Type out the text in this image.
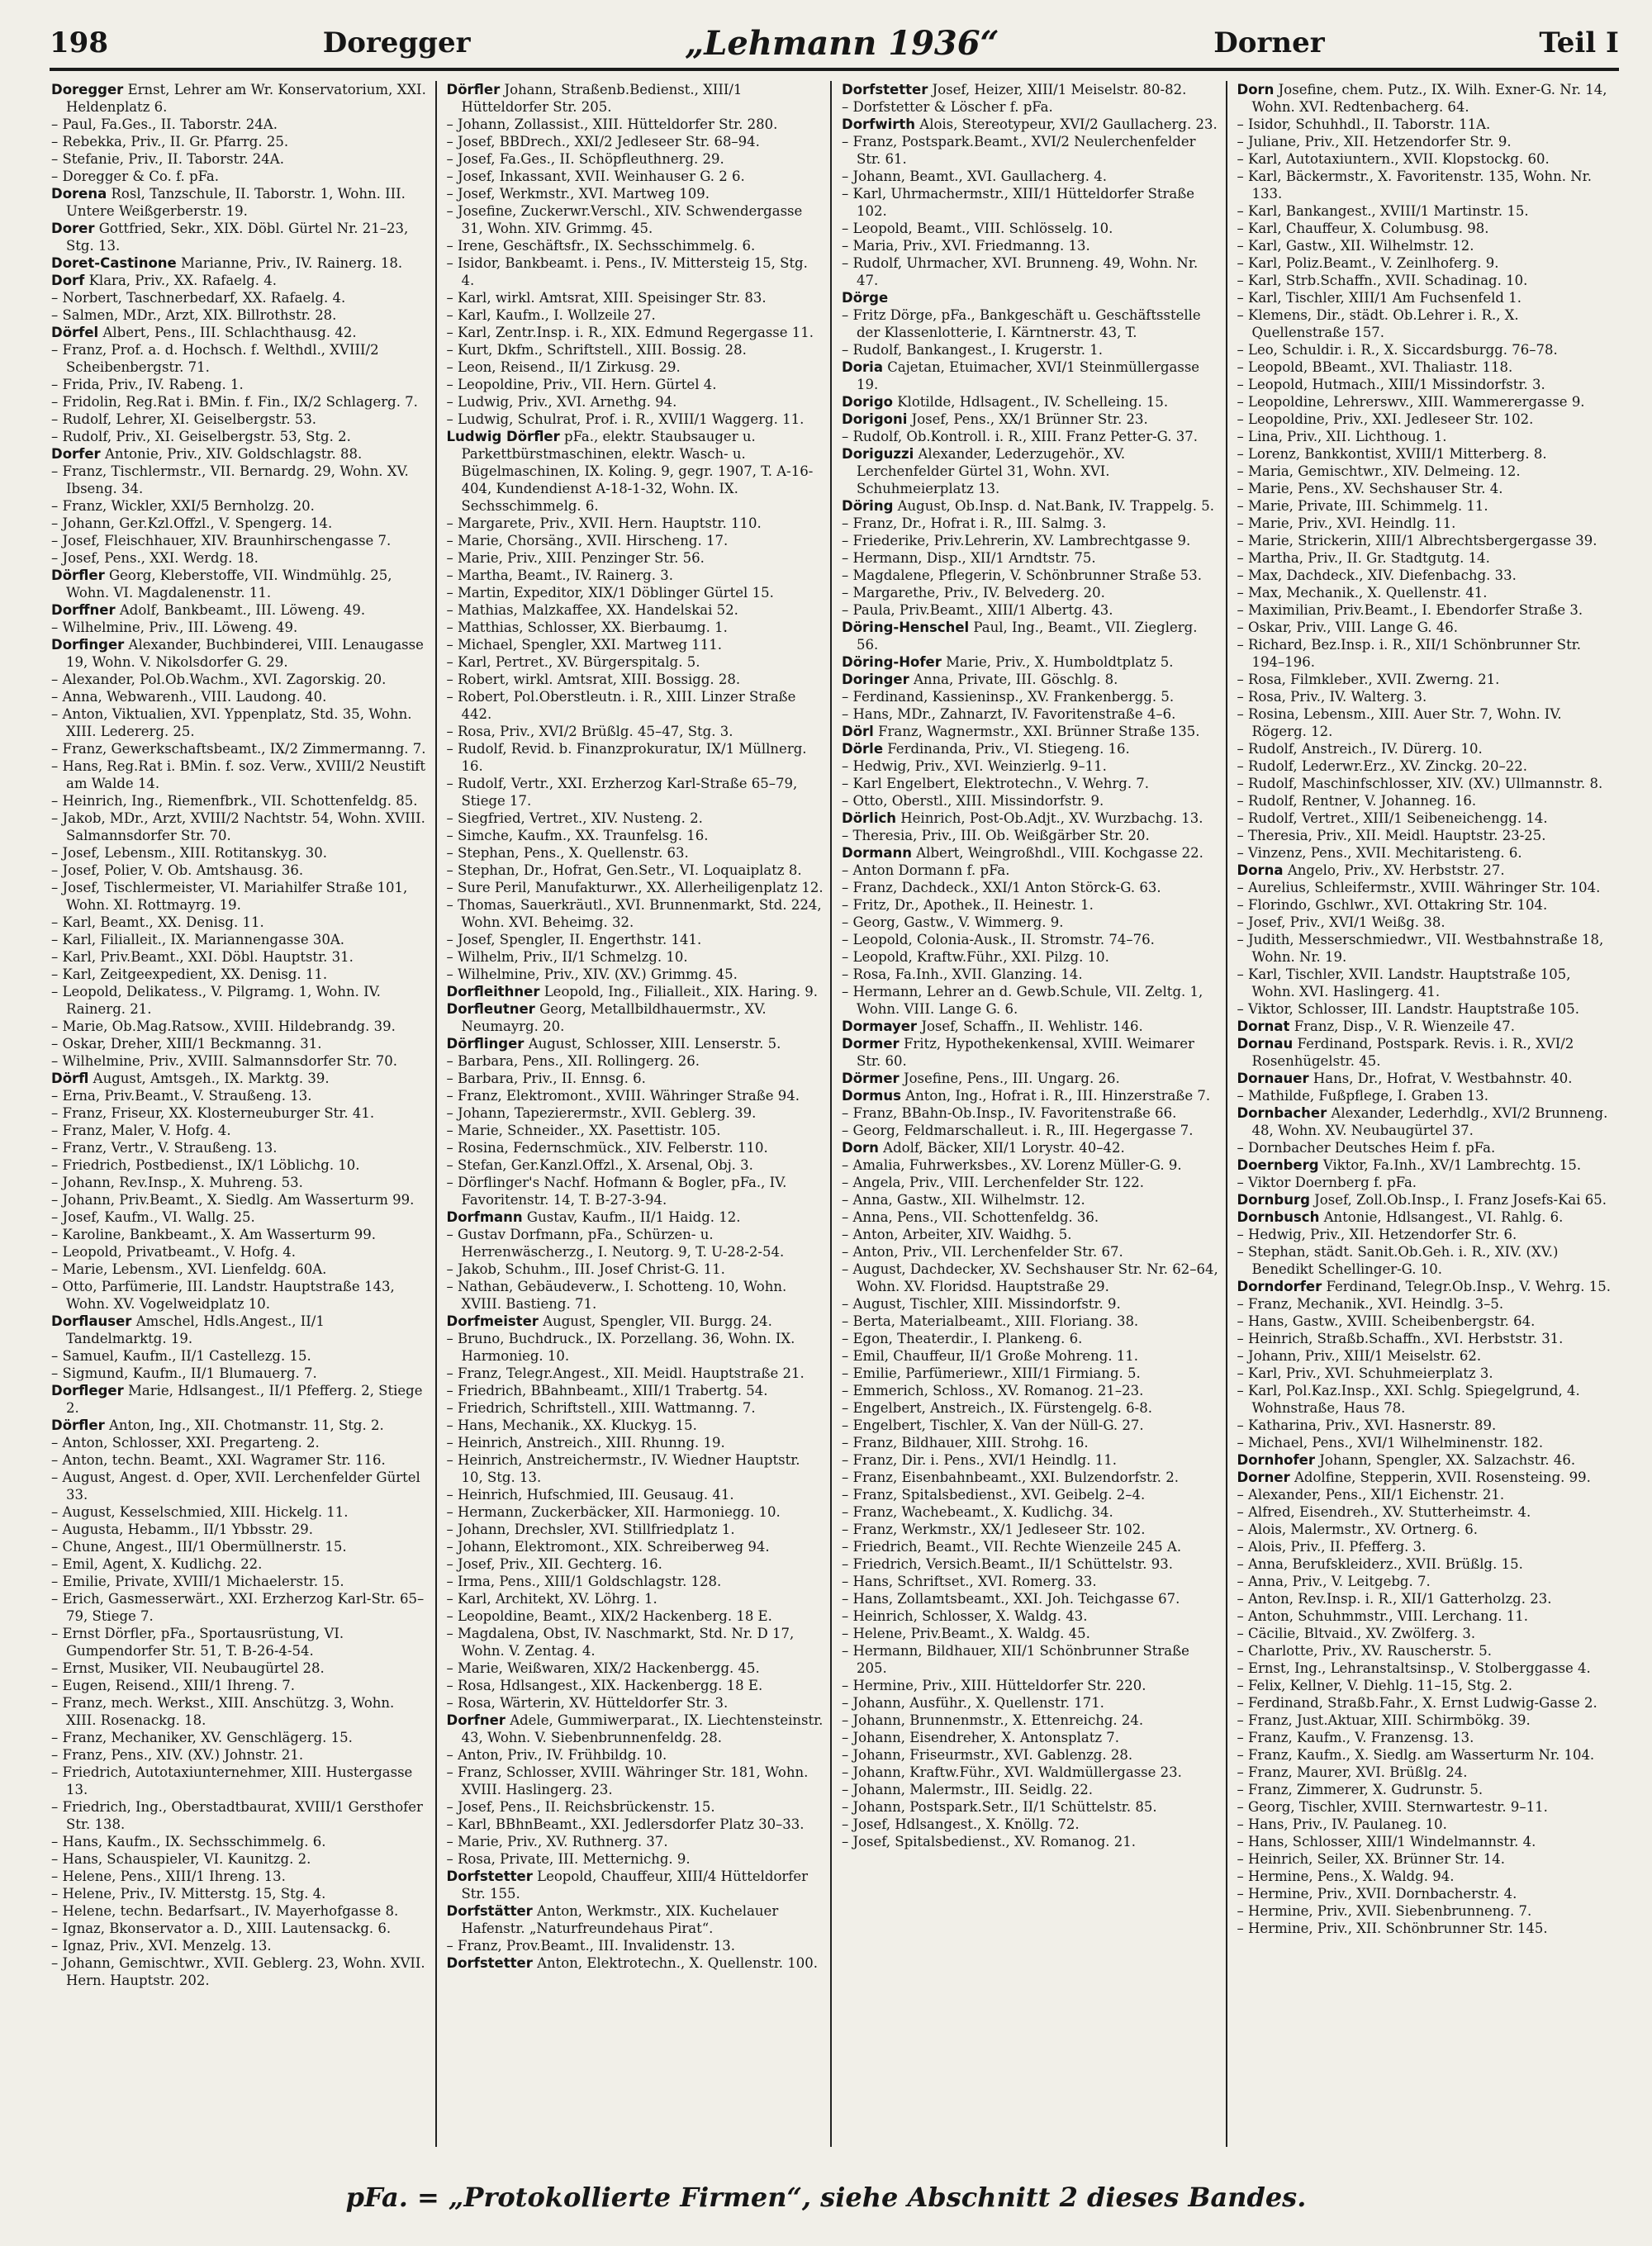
198	Doregger	„Lehmann 1936“	Dorner	Teil I
Doregger Ernst, Lehrer am Wr. Konservatorium, XXI. Heldenplatz 6.
– Paul, Fa.Ges., II. Taborstr. 24A.
– Rebekka, Priv., II. Gr. Pfarrg. 25.
– Stefanie, Priv., II. Taborstr. 24A.
– Doregger & Co. f. pFa.
Dorena Rosl, Tanzschule, II. Taborstr. 1, Wohn. III. Untere Weißgerberstr. 19.
Dorer Gottfried, Sekr., XIX. Döbl. Gürtel Nr. 21–23, Stg. 13.
Doret-Castinone Marianne, Priv., IV. Rainerg. 18.
Dorf Klara, Priv., XX. Rafaelg. 4.
– Norbert, Taschnerbedarf, XX. Rafaelg. 4.
– Salmen, MDr., Arzt, XIX. Billrothstr. 28.
Dörfel Albert, Pens., III. Schlachthausg. 42.
– Franz, Prof. a. d. Hochsch. f. Welthdl., XVIII/2 Scheibenbergstr. 71.
– Frida, Priv., IV. Rabeng. 1.
– Fridolin, Reg.Rat i. BMin. f. Fin., IX/2 Schlagerg. 7.
– Rudolf, Lehrer, XI. Geiselbergstr. 53.
– Rudolf, Priv., XI. Geiselbergstr. 53, Stg. 2.
Dorfer Antonie, Priv., XIV. Goldschlagstr. 88.
– Franz, Tischlermstr., VII. Bernardg. 29, Wohn. XV. Ibseng. 34.
– Franz, Wickler, XXI/5 Bernholzg. 20.
– Johann, Ger.Kzl.Offzl., V. Spengerg. 14.
– Josef, Fleischhauer, XIV. Braunhirschengasse 7.
– Josef, Pens., XXI. Werdg. 18.
Dörfler Georg, Kleberstoffe, VII. Windmühlg. 25, Wohn. VI. Magdalenenstr. 11.
Dorffner Adolf, Bankbeamt., III. Löweng. 49.
– Wilhelmine, Priv., III. Löweng. 49.
Dorfinger Alexander, Buchbinderei, VIII. Lenaugasse 19, Wohn. V. Nikolsdorfer G. 29.
– Alexander, Pol.Ob.Wachm., XVI. Zagorskig. 20.
– Anna, Webwarenh., VIII. Laudong. 40.
– Anton, Viktualien, XVI. Yppenplatz, Std. 35, Wohn. XIII. Ledererg. 25.
– Franz, Gewerkschaftsbeamt., IX/2 Zimmermanng. 7.
– Hans, Reg.Rat i. BMin. f. soz. Verw., XVIII/2 Neustift am Walde 14.
– Heinrich, Ing., Riemenfbrk., VII. Schottenfeldg. 85.
– Jakob, MDr., Arzt, XVIII/2 Nachtstr. 54, Wohn. XVIII. Salmannsdorfer Str. 70.
– Josef, Lebensm., XIII. Rotitanskyg. 30.
– Josef, Polier, V. Ob. Amtshausg. 36.
– Josef, Tischlermeister, VI. Mariahilfer Straße 101, Wohn. XI. Rottmayrg. 19.
– Karl, Beamt., XX. Denisg. 11.
– Karl, Filialleit., IX. Mariannengasse 30A.
– Karl, Priv.Beamt., XXI. Döbl. Hauptstr. 31.
– Karl, Zeitgeexpedient, XX. Denisg. 11.
– Leopold, Delikatess., V. Pilgramg. 1, Wohn. IV. Rainerg. 21.
– Marie, Ob.Mag.Ratsow., XVIII. Hildebrandg. 39.
– Oskar, Dreher, XIII/1 Beckmanng. 31.
– Wilhelmine, Priv., XVIII. Salmannsdorfer Str. 70.
Dörfl August, Amtsgeh., IX. Marktg. 39.
– Erna, Priv.Beamt., V. Straußeng. 13.
– Franz, Friseur, XX. Klosterneuburger Str. 41.
– Franz, Maler, V. Hofg. 4.
– Franz, Vertr., V. Straußeng. 13.
– Friedrich, Postbedienst., IX/1 Löblichg. 10.
– Johann, Rev.Insp., X. Muhreng. 53.
– Johann, Priv.Beamt., X. Siedlg. Am Wasserturm 99.
– Josef, Kaufm., VI. Wallg. 25.
– Karoline, Bankbeamt., X. Am Wasserturm 99.
– Leopold, Privatbeamt., V. Hofg. 4.
– Marie, Lebensm., XVI. Lienfeldg. 60A.
– Otto, Parfümerie, III. Landstr. Hauptstraße 143, Wohn. XV. Vogelweidplatz 10.
Dorflauser Amschel, Hdls.Angest., II/1 Tandelmarktg. 19.
– Samuel, Kaufm., II/1 Castellezg. 15.
– Sigmund, Kaufm., II/1 Blumauerg. 7.
Dorfleger Marie, Hdlsangest., II/1 Pfefferg. 2, Stiege 2.
Dörfler Anton, Ing., XII. Chotmanstr. 11, Stg. 2.
– Anton, Schlosser, XXI. Pregarteng. 2.
– Anton, techn. Beamt., XXI. Wagramer Str. 116.
– August, Angest. d. Oper, XVII. Lerchenfelder Gürtel 33.
– August, Kesselschmied, XIII. Hickelg. 11.
– Augusta, Hebamm., II/1 Ybbsstr. 29.
– Chune, Angest., III/1 Obermüllnerstr. 15.
– Emil, Agent, X. Kudlichg. 22.
– Emilie, Private, XVIII/1 Michaelerstr. 15.
– Erich, Gasmesserwärt., XXI. Erzherzog Karl-Str. 65–79, Stiege 7.
– Ernst Dörfler, pFa., Sportausrüstung, VI. Gumpendorfer Str. 51, T. B-26-4-54.
– Ernst, Musiker, VII. Neubaugürtel 28.
– Eugen, Reisend., XIII/1 Ihreng. 7.
– Franz, mech. Werkst., XIII. Anschützg. 3, Wohn. XIII. Rosenackg. 18.
– Franz, Mechaniker, XV. Genschlägerg. 15.
– Franz, Pens., XIV. (XV.) Johnstr. 21.
– Friedrich, Autotaxiunternehmer, XIII. Hustergasse 13.
– Friedrich, Ing., Oberstadtbaurat, XVIII/1 Gersthofer Str. 138.
– Hans, Kaufm., IX. Sechsschimmelg. 6.
– Hans, Schauspieler, VI. Kaunitzg. 2.
– Helene, Pens., XIII/1 Ihreng. 13.
– Helene, Priv., IV. Mitterstg. 15, Stg. 4.
– Helene, techn. Bedarfsart., IV. Mayerhofgasse 8.
– Ignaz, Bkonservator a. D., XIII. Lautensackg. 6.
– Ignaz, Priv., XVI. Menzelg. 13.
– Johann, Gemischtwr., XVII. Geblerg. 23, Wohn. XVII. Hern. Hauptstr. 202.
Dörfler Johann, Straßenb.Bedienst., XIII/1 Hütteldorfer Str. 205.
– Johann, Zollassist., XIII. Hütteldorfer Str. 280.
– Josef, BBDrech., XXI/2 Jedleseer Str. 68–94.
– Josef, Fa.Ges., II. Schöpfleuthnerg. 29.
– Josef, Inkassant, XVII. Weinhauser G. 2 6.
– Josef, Werkmstr., XVI. Martweg 109.
– Josefine, Zuckerwr.Verschl., XIV. Schwendergasse 31, Wohn. XIV. Grimmg. 45.
– Irene, Geschäftsfr., IX. Sechsschimmelg. 6.
– Isidor, Bankbeamt. i. Pens., IV. Mittersteig 15, Stg. 4.
– Karl, wirkl. Amtsrat, XIII. Speisinger Str. 83.
– Karl, Kaufm., I. Wollzeile 27.
– Karl, Zentr.Insp. i. R., XIX. Edmund Regergasse 11.
– Kurt, Dkfm., Schriftstell., XIII. Bossig. 28.
– Leon, Reisend., II/1 Zirkusg. 29.
– Leopoldine, Priv., VII. Hern. Gürtel 4.
– Ludwig, Priv., XVI. Arnethg. 94.
– Ludwig, Schulrat, Prof. i. R., XVIII/1 Waggerg. 11.
Ludwig Dörfler pFa., elektr. Staubsauger u. Parkettbürstmaschinen, elektr. Wasch- u. Bügelmaschinen, IX. Koling. 9, gegr. 1907, T. A-16-404, Kundendienst A-18-1-32, Wohn. IX. Sechsschimmelg. 6.
– Margarete, Priv., XVII. Hern. Hauptstr. 110.
– Marie, Chorsäng., XVII. Hirscheng. 17.
– Marie, Priv., XIII. Penzinger Str. 56.
– Martha, Beamt., IV. Rainerg. 3.
– Martin, Expeditor, XIX/1 Döblinger Gürtel 15.
– Mathias, Malzkaffee, XX. Handelskai 52.
– Matthias, Schlosser, XX. Bierbaumg. 1.
– Michael, Spengler, XXI. Martweg 111.
– Karl, Pertret., XV. Bürgerspitalg. 5.
– Robert, wirkl. Amtsrat, XIII. Bossigg. 28.
– Robert, Pol.Oberstleutn. i. R., XIII. Linzer Straße 442.
– Rosa, Priv., XVI/2 Brüßlg. 45–47, Stg. 3.
– Rudolf, Revid. b. Finanzprokuratur, IX/1 Müllnerg. 16.
– Rudolf, Vertr., XXI. Erzherzog Karl-Straße 65–79, Stiege 17.
– Siegfried, Vertret., XIV. Nusteng. 2.
– Simche, Kaufm., XX. Traunfelsg. 16.
– Stephan, Pens., X. Quellenstr. 63.
– Stephan, Dr., Hofrat, Gen.Setr., VI. Loquaiplatz 8.
– Sure Peril, Manufakturwr., XX. Allerheiligenplatz 12.
– Thomas, Sauerkräutl., XVI. Brunnenmarkt, Std. 224, Wohn. XVI. Beheimg. 32.
– Josef, Spengler, II. Engerthstr. 141.
– Wilhelm, Priv., II/1 Schmelzg. 10.
– Wilhelmine, Priv., XIV. (XV.) Grimmg. 45.
Dorfleithner Leopold, Ing., Filialleit., XIX. Haring. 9.
Dorfleutner Georg, Metallbildhauermstr., XV. Neumayrg. 20.
Dörflinger August, Schlosser, XIII. Lenserstr. 5.
– Barbara, Pens., XII. Rollingerg. 26.
– Barbara, Priv., II. Ennsg. 6.
– Franz, Elektromont., XVIII. Währinger Straße 94.
– Johann, Tapezierermstr., XVII. Geblerg. 39.
– Marie, Schneider., XX. Pasettistr. 105.
– Rosina, Federnschmück., XIV. Felberstr. 110.
– Stefan, Ger.Kanzl.Offzl., X. Arsenal, Obj. 3.
– Dörflinger's Nachf. Hofmann & Bogler, pFa., IV. Favoritenstr. 14, T. B-27-3-94.
Dorfmann Gustav, Kaufm., II/1 Haidg. 12.
– Gustav Dorfmann, pFa., Schürzen- u. Herrenwäscherzg., I. Neutorg. 9, T. U-28-2-54.
– Jakob, Schuhm., III. Josef Christ-G. 11.
– Nathan, Gebäudeverw., I. Schotteng. 10, Wohn. XVIII. Bastieng. 71.
Dorfmeister August, Spengler, VII. Burgg. 24.
– Bruno, Buchdruck., IX. Porzellang. 36, Wohn. IX. Harmonieg. 10.
– Franz, Telegr.Angest., XII. Meidl. Hauptstraße 21.
– Friedrich, BBahnbeamt., XIII/1 Trabertg. 54.
– Friedrich, Schriftstell., XIII. Wattmanng. 7.
– Hans, Mechanik., XX. Kluckyg. 15.
– Heinrich, Anstreich., XIII. Rhunng. 19.
– Heinrich, Anstreichermstr., IV. Wiedner Hauptstr. 10, Stg. 13.
– Heinrich, Hufschmied, III. Geusaug. 41.
– Hermann, Zuckerbäcker, XII. Harmoniegg. 10.
– Johann, Drechsler, XVI. Stillfriedplatz 1.
– Johann, Elektromont., XIX. Schreiberweg 94.
– Josef, Priv., XII. Gechterg. 16.
– Irma, Pens., XIII/1 Goldschlagstr. 128.
– Karl, Architekt, XV. Löhrg. 1.
– Leopoldine, Beamt., XIX/2 Hackenberg. 18 E.
– Magdalena, Obst, IV. Naschmarkt, Std. Nr. D 17, Wohn. V. Zentag. 4.
– Marie, Weißwaren, XIX/2 Hackenbergg. 45.
– Rosa, Hdlsangest., XIX. Hackenbergg. 18 E.
– Rosa, Wärterin, XV. Hütteldorfer Str. 3.
Dorfner Adele, Gummiwerparat., IX. Liechtensteinstr. 43, Wohn. V. Siebenbrunnenfeldg. 28.
– Anton, Priv., IV. Frühbildg. 10.
– Franz, Schlosser, XVIII. Währinger Str. 181, Wohn. XVIII. Haslingerg. 23.
– Josef, Pens., II. Reichsbrückenstr. 15.
– Karl, BBhnBeamt., XXI. Jedlersdorfer Platz 30–33.
– Marie, Priv., XV. Ruthnerg. 37.
– Rosa, Private, III. Metternichg. 9.
Dorfstetter Leopold, Chauffeur, XIII/4 Hütteldorfer Str. 155.
Dorfstätter Anton, Werkmstr., XIX. Kuchelauer Hafenstr. „Naturfreundehaus Pirat“.
– Franz, Prov.Beamt., III. Invalidenstr. 13.
Dorfstetter Anton, Elektrotechn., X. Quellenstr. 100.
Dorfstetter Josef, Heizer, XIII/1 Meiselstr. 80-82.
– Dorfstetter & Löscher f. pFa.
Dorfwirth Alois, Stereotypeur, XVI/2 Gaullacherg. 23.
– Franz, Postspark.Beamt., XVI/2 Neulerchenfelder Str. 61.
– Johann, Beamt., XVI. Gaullacherg. 4.
– Karl, Uhrmachermstr., XIII/1 Hütteldorfer Straße 102.
– Leopold, Beamt., VIII. Schlösselg. 10.
– Maria, Priv., XVI. Friedmanng. 13.
– Rudolf, Uhrmacher, XVI. Brunneng. 49, Wohn. Nr. 47.
Dörge
– Fritz Dörge, pFa., Bankgeschäft u. Geschäftsstelle der Klassenlotterie, I. Kärntnerstr. 43, T.
– Rudolf, Bankangest., I. Krugerstr. 1.
Doria Cajetan, Etuimacher, XVI/1 Steinmüllergasse 19.
Dorigo Klotilde, Hdlsagent., IV. Schelleing. 15.
Dorigoni Josef, Pens., XX/1 Brünner Str. 23.
– Rudolf, Ob.Kontroll. i. R., XIII. Franz Petter-G. 37.
Doriguzzi Alexander, Lederzugehör., XV. Lerchenfelder Gürtel 31, Wohn. XVI. Schuhmeierplatz 13.
Döring August, Ob.Insp. d. Nat.Bank, IV. Trappelg. 5.
– Franz, Dr., Hofrat i. R., III. Salmg. 3.
– Friederike, Priv.Lehrerin, XV. Lambrechtgasse 9.
– Hermann, Disp., XII/1 Arndtstr. 75.
– Magdalene, Pflegerin, V. Schönbrunner Straße 53.
– Margarethe, Priv., IV. Belvederg. 20.
– Paula, Priv.Beamt., XIII/1 Albertg. 43.
Döring-Henschel Paul, Ing., Beamt., VII. Zieglerg. 56.
Döring-Hofer Marie, Priv., X. Humboldtplatz 5.
Doringer Anna, Private, III. Göschlg. 8.
– Ferdinand, Kassieninsp., XV. Frankenbergg. 5.
– Hans, MDr., Zahnarzt, IV. Favoritenstraße 4–6.
Dörl Franz, Wagnermstr., XXI. Brünner Straße 135.
Dörle Ferdinanda, Priv., VI. Stiegeng. 16.
– Hedwig, Priv., XVI. Weinzierlg. 9–11.
– Karl Engelbert, Elektrotechn., V. Wehrg. 7.
– Otto, Oberstl., XIII. Missindorfstr. 9.
Dörlich Heinrich, Post-Ob.Adjt., XV. Wurzbachg. 13.
– Theresia, Priv., III. Ob. Weißgärber Str. 20.
Dormann Albert, Weingroßhdl., VIII. Kochgasse 22.
– Anton Dormann f. pFa.
– Franz, Dachdeck., XXI/1 Anton Störck-G. 63.
– Fritz, Dr., Apothek., II. Heinestr. 1.
– Georg, Gastw., V. Wimmerg. 9.
– Leopold, Colonia-Ausk., II. Stromstr. 74–76.
– Leopold, Kraftw.Führ., XXI. Pilzg. 10.
– Rosa, Fa.Inh., XVII. Glanzing. 14.
– Hermann, Lehrer an d. Gewb.Schule, VII. Zeltg. 1, Wohn. VIII. Lange G. 6.
Dormayer Josef, Schaffn., II. Wehlistr. 146.
Dormer Fritz, Hypothekenkensal, XVIII. Weimarer Str. 60.
Dörmer Josefine, Pens., III. Ungarg. 26.
Dormus Anton, Ing., Hofrat i. R., III. Hinzerstraße 7.
– Franz, BBahn-Ob.Insp., IV. Favoritenstraße 66.
– Georg, Feldmarschalleut. i. R., III. Hegergasse 7.
Dorn Adolf, Bäcker, XII/1 Lorystr. 40–42.
– Amalia, Fuhrwerksbes., XV. Lorenz Müller-G. 9.
– Angela, Priv., VIII. Lerchenfelder Str. 122.
– Anna, Gastw., XII. Wilhelmstr. 12.
– Anna, Pens., VII. Schottenfeldg. 36.
– Anton, Arbeiter, XIV. Waidhg. 5.
– Anton, Priv., VII. Lerchenfelder Str. 67.
– August, Dachdecker, XV. Sechshauser Str. Nr. 62–64, Wohn. XV. Floridsd. Hauptstraße 29.
– August, Tischler, XIII. Missindorfstr. 9.
– Berta, Materialbeamt., XIII. Floriang. 38.
– Egon, Theaterdir., I. Plankeng. 6.
– Emil, Chauffeur, II/1 Große Mohreng. 11.
– Emilie, Parfümeriewr., XIII/1 Firmiang. 5.
– Emmerich, Schloss., XV. Romanog. 21–23.
– Engelbert, Anstreich., IX. Fürstengelg. 6-8.
– Engelbert, Tischler, X. Van der Nüll-G. 27.
– Franz, Bildhauer, XIII. Strohg. 16.
– Franz, Dir. i. Pens., XVI/1 Heindlg. 11.
– Franz, Eisenbahnbeamt., XXI. Bulzendorfstr. 2.
– Franz, Spitalsbedienst., XVI. Geibelg. 2–4.
– Franz, Wachebeamt., X. Kudlichg. 34.
– Franz, Werkmstr., XX/1 Jedleseer Str. 102.
– Friedrich, Beamt., VII. Rechte Wienzeile 245 A.
– Friedrich, Versich.Beamt., II/1 Schüttelstr. 93.
– Hans, Schriftset., XVI. Romerg. 33.
– Hans, Zollamtsbeamt., XXI. Joh. Teichgasse 67.
– Heinrich, Schlosser, X. Waldg. 43.
– Helene, Priv.Beamt., X. Waldg. 45.
– Hermann, Bildhauer, XII/1 Schönbrunner Straße 205.
– Hermine, Priv., XIII. Hütteldorfer Str. 220.
– Johann, Ausführ., X. Quellenstr. 171.
– Johann, Brunnenmstr., X. Ettenreichg. 24.
– Johann, Eisendreher, X. Antonsplatz 7.
– Johann, Friseurmstr., XVI. Gablenzg. 28.
– Johann, Kraftw.Führ., XVI. Waldmüllergasse 23.
– Johann, Malermstr., III. Seidlg. 22.
– Johann, Postspark.Setr., II/1 Schüttelstr. 85.
– Josef, Hdlsangest., X. Knöllg. 72.
– Josef, Spitalsbedienst., XV. Romanog. 21.
Dorn Josefine, chem. Putz., IX. Wilh. Exner-G. Nr. 14, Wohn. XVI. Redtenbacherg. 64.
– Isidor, Schuhhdl., II. Taborstr. 11A.
– Juliane, Priv., XII. Hetzendorfer Str. 9.
– Karl, Autotaxiuntern., XVII. Klopstockg. 60.
– Karl, Bäckermstr., X. Favoritenstr. 135, Wohn. Nr. 133.
– Karl, Bankangest., XVIII/1 Martinstr. 15.
– Karl, Chauffeur, X. Columbusg. 98.
– Karl, Gastw., XII. Wilhelmstr. 12.
– Karl, Poliz.Beamt., V. Zeinlhoferg. 9.
– Karl, Strb.Schaffn., XVII. Schadinag. 10.
– Karl, Tischler, XIII/1 Am Fuchsenfeld 1.
– Klemens, Dir., städt. Ob.Lehrer i. R., X. Quellenstraße 157.
– Leo, Schuldir. i. R., X. Siccardsburgg. 76–78.
– Leopold, BBeamt., XVI. Thaliastr. 118.
– Leopold, Hutmach., XIII/1 Missindorfstr. 3.
– Leopoldine, Lehrerswv., XIII. Wammerergasse 9.
– Leopoldine, Priv., XXI. Jedleseer Str. 102.
– Lina, Priv., XII. Lichthoug. 1.
– Lorenz, Bankkontist, XVIII/1 Mitterberg. 8.
– Maria, Gemischtwr., XIV. Delmeing. 12.
– Marie, Pens., XV. Sechshauser Str. 4.
– Marie, Private, III. Schimmelg. 11.
– Marie, Priv., XVI. Heindlg. 11.
– Marie, Strickerin, XIII/1 Albrechtsbergergasse 39.
– Martha, Priv., II. Gr. Stadtgutg. 14.
– Max, Dachdeck., XIV. Diefenbachg. 33.
– Max, Mechanik., X. Quellenstr. 41.
– Maximilian, Priv.Beamt., I. Ebendorfer Straße 3.
– Oskar, Priv., VIII. Lange G. 46.
– Richard, Bez.Insp. i. R., XII/1 Schönbrunner Str. 194–196.
– Rosa, Filmkleber., XVII. Zwerng. 21.
– Rosa, Priv., IV. Walterg. 3.
– Rosina, Lebensm., XIII. Auer Str. 7, Wohn. IV. Rögerg. 12.
– Rudolf, Anstreich., IV. Dürerg. 10.
– Rudolf, Lederwr.Erz., XV. Zinckg. 20–22.
– Rudolf, Maschinfschlosser, XIV. (XV.) Ullmannstr. 8.
– Rudolf, Rentner, V. Johanneg. 16.
– Rudolf, Vertret., XIII/1 Seibeneichengg. 14.
– Theresia, Priv., XII. Meidl. Hauptstr. 23-25.
– Vinzenz, Pens., XVII. Mechitaristeng. 6.
Dorna Angelo, Priv., XV. Herbststr. 27.
– Aurelius, Schleifermstr., XVIII. Währinger Str. 104.
– Florindo, Gschlwr., XVI. Ottakring Str. 104.
– Josef, Priv., XVI/1 Weißg. 38.
– Judith, Messerschmiedwr., VII. Westbahnstraße 18, Wohn. Nr. 19.
– Karl, Tischler, XVII. Landstr. Hauptstraße 105, Wohn. XVI. Haslingerg. 41.
– Viktor, Schlosser, III. Landstr. Hauptstraße 105.
Dornat Franz, Disp., V. R. Wienzeile 47.
Dornau Ferdinand, Postspark. Revis. i. R., XVI/2 Rosenhügelstr. 45.
Dornauer Hans, Dr., Hofrat, V. Westbahnstr. 40.
– Mathilde, Fußpflege, I. Graben 13.
Dornbacher Alexander, Lederhdlg., XVI/2 Brunneng. 48, Wohn. XV. Neubaugürtel 37.
– Dornbacher Deutsches Heim f. pFa.
Doernberg Viktor, Fa.Inh., XV/1 Lambrechtg. 15.
– Viktor Doernberg f. pFa.
Dornburg Josef, Zoll.Ob.Insp., I. Franz Josefs-Kai 65.
Dornbusch Antonie, Hdlsangest., VI. Rahlg. 6.
– Hedwig, Priv., XII. Hetzendorfer Str. 6.
– Stephan, städt. Sanit.Ob.Geh. i. R., XIV. (XV.) Benedikt Schellinger-G. 10.
Dorndorfer Ferdinand, Telegr.Ob.Insp., V. Wehrg. 15.
– Franz, Mechanik., XVI. Heindlg. 3–5.
– Hans, Gastw., XVIII. Scheibenbergstr. 64.
– Heinrich, Straßb.Schaffn., XVI. Herbststr. 31.
– Johann, Priv., XIII/1 Meiselstr. 62.
– Karl, Priv., XVI. Schuhmeierplatz 3.
– Karl, Pol.Kaz.Insp., XXI. Schlg. Spiegelgrund, 4. Wohnstraße, Haus 78.
– Katharina, Priv., XVI. Hasnerstr. 89.
– Michael, Pens., XVI/1 Wilhelminenstr. 182.
Dornhofer Johann, Spengler, XX. Salzachstr. 46.
Dorner Adolfine, Stepperin, XVII. Rosensteing. 99.
– Alexander, Pens., XII/1 Eichenstr. 21.
– Alfred, Eisendreh., XV. Stutterheimstr. 4.
– Alois, Malermstr., XV. Ortnerg. 6.
– Alois, Priv., II. Pfefferg. 3.
– Anna, Berufskleiderz., XVII. Brüßlg. 15.
– Anna, Priv., V. Leitgebg. 7.
– Anton, Rev.Insp. i. R., XII/1 Gatterholzg. 23.
– Anton, Schuhmmstr., VIII. Lerchang. 11.
– Cäcilie, Bltvaid., XV. Zwölferg. 3.
– Charlotte, Priv., XV. Rauscherstr. 5.
– Ernst, Ing., Lehranstaltsinsp., V. Stolberggasse 4.
– Felix, Kellner, V. Diehlg. 11–15, Stg. 2.
– Ferdinand, Straßb.Fahr., X. Ernst Ludwig-Gasse 2.
– Franz, Just.Aktuar, XIII. Schirmbökg. 39.
– Franz, Kaufm., V. Franzensg. 13.
– Franz, Kaufm., X. Siedlg. am Wasserturm Nr. 104.
– Franz, Maurer, XVI. Brüßlg. 24.
– Franz, Zimmerer, X. Gudrunstr. 5.
– Georg, Tischler, XVIII. Sternwartestr. 9–11.
– Hans, Priv., IV. Paulaneg. 10.
– Hans, Schlosser, XIII/1 Windelmannstr. 4.
– Heinrich, Seiler, XX. Brünner Str. 14.
– Hermine, Pens., X. Waldg. 94.
– Hermine, Priv., XVII. Dornbacherstr. 4.
– Hermine, Priv., XVII. Siebenbrunneng. 7.
– Hermine, Priv., XII. Schönbrunner Str. 145.
pFa. = „Protokollierte Firmen“, siehe Abschnitt 2 dieses Bandes.
